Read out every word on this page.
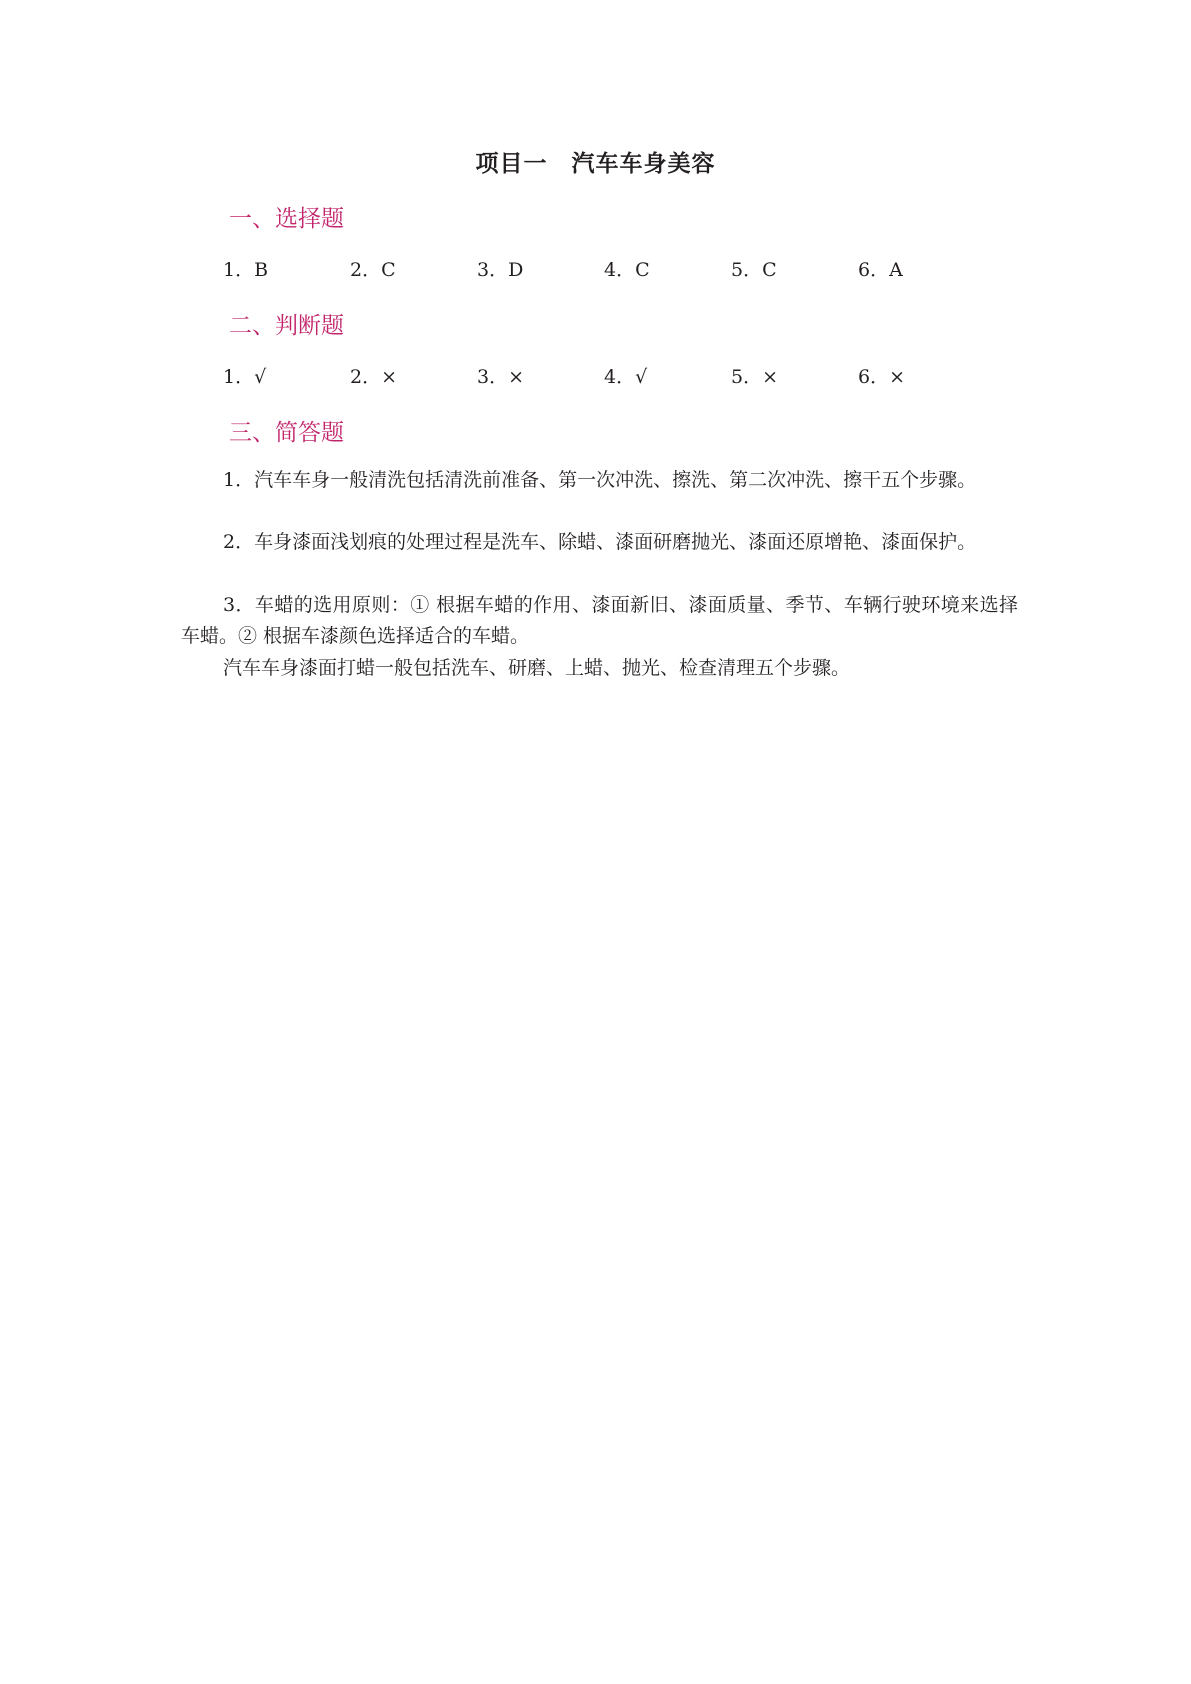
项目一 汽车车身美容
一、选择题
1．B	2．C	3．D	4．C	5．C	6．A
二、判断题
1．√	2．×	3．×	4．√	5．×	6．×
三、简答题

1．汽车车身一般清洗包括清洗前准备、第一次冲洗、擦洗、第二次冲洗、擦干五个步骤。

2．车身漆面浅划痕的处理过程是洗车、除蜡、漆面研磨抛光、漆面还原增艳、漆面保护。

3．车蜡的选用原则：① 根据车蜡的作用、漆面新旧、漆面质量、季节、车辆行驶环境来选择车蜡。② 根据车漆颜色选择适合的车蜡。

汽车车身漆面打蜡一般包括洗车、研磨、上蜡、抛光、检查清理五个步骤。
